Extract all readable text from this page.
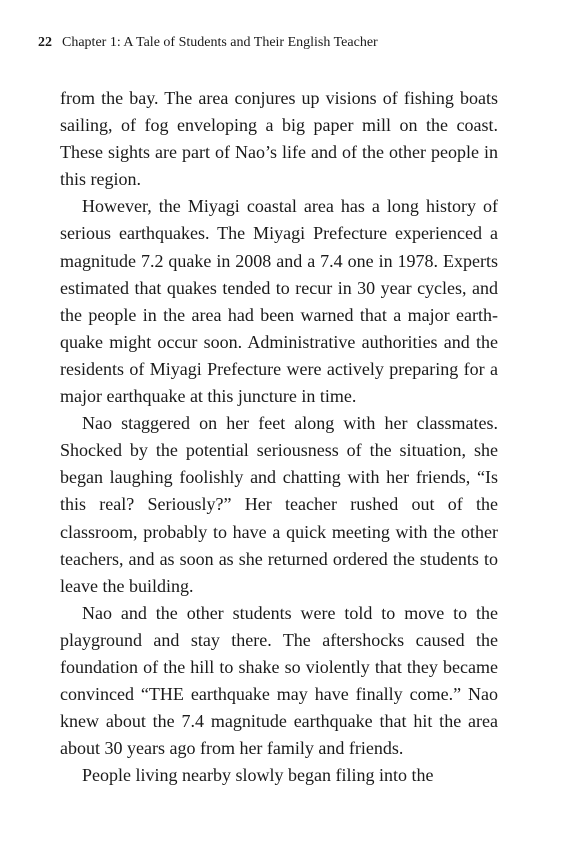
22 Chapter 1: A Tale of Students and Their English Teacher

from the bay. The area conjures up visions of fishing boats sailing, of fog enveloping a big paper mill on the coast. These sights are part of Nao’s life and of the other people in this region.

However, the Miyagi coastal area has a long history of serious earthquakes. The Miyagi Prefecture experienced a magnitude 7.2 quake in 2008 and a 7.4 one in 1978. Experts estimated that quakes tended to recur in 30 year cycles, and the people in the area had been warned that a major earthquake might occur soon. Administrative authorities and the residents of Miyagi Prefecture were actively preparing for a major earthquake at this juncture in time.

Nao staggered on her feet along with her classmates. Shocked by the potential seriousness of the situation, she began laughing foolishly and chatting with her friends, “Is this real? Seriously?” Her teacher rushed out of the classroom, probably to have a quick meeting with the other teachers, and as soon as she returned ordered the students to leave the building.

Nao and the other students were told to move to the playground and stay there. The aftershocks caused the foundation of the hill to shake so violently that they became convinced “THE earthquake may have finally come.” Nao knew about the 7.4 magnitude earthquake that hit the area about 30 years ago from her family and friends.

People living nearby slowly began filing into the
